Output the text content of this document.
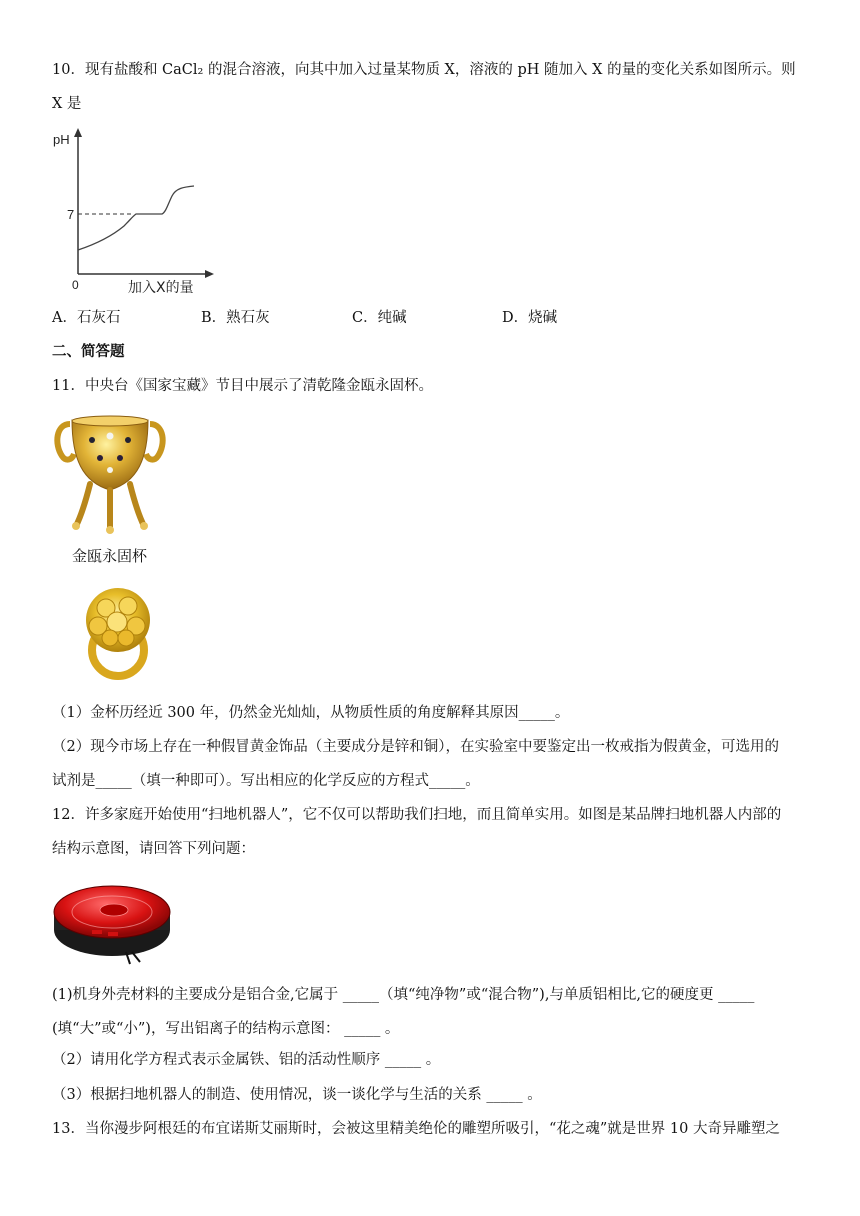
10．现有盐酸和 CaCl₂ 的混合溶液，向其中加入过量某物质 X，溶液的 pH 随加入 X 的量的变化关系如图所示。则
X 是
pH
7
0	加入X的量
A．石灰石	B．熟石灰	C．纯碱	D．烧碱
二、简答题
11．中央台《国家宝藏》节目中展示了清乾隆金瓯永固杯。
金瓯永固杯
（1）金杯历经近 300 年，仍然金光灿灿，从物质性质的角度解释其原因_____。
（2）现今市场上存在一种假冒黄金饰品（主要成分是锌和铜），在实验室中要鉴定出一枚戒指为假黄金，可选用的
试剂是_____（填一种即可）。写出相应的化学反应的方程式_____。
12．许多家庭开始使用“扫地机器人”，它不仅可以帮助我们扫地，而且简单实用。如图是某品牌扫地机器人内部的
结构示意图，请回答下列问题：
(1)机身外壳材料的主要成分是铝合金,它属于 _____（填“纯净物”或“混合物”),与单质铝相比,它的硬度更 _____
(填“大”或“小”)，写出铝离子的结构示意图： _____ 。
（2）请用化学方程式表示金属铁、铝的活动性顺序 _____ 。
（3）根据扫地机器人的制造、使用情况，谈一谈化学与生活的关系 _____ 。
13．当你漫步阿根廷的布宜诺斯艾丽斯时，会被这里精美绝伦的雕塑所吸引，“花之魂”就是世界 10 大奇异雕塑之
